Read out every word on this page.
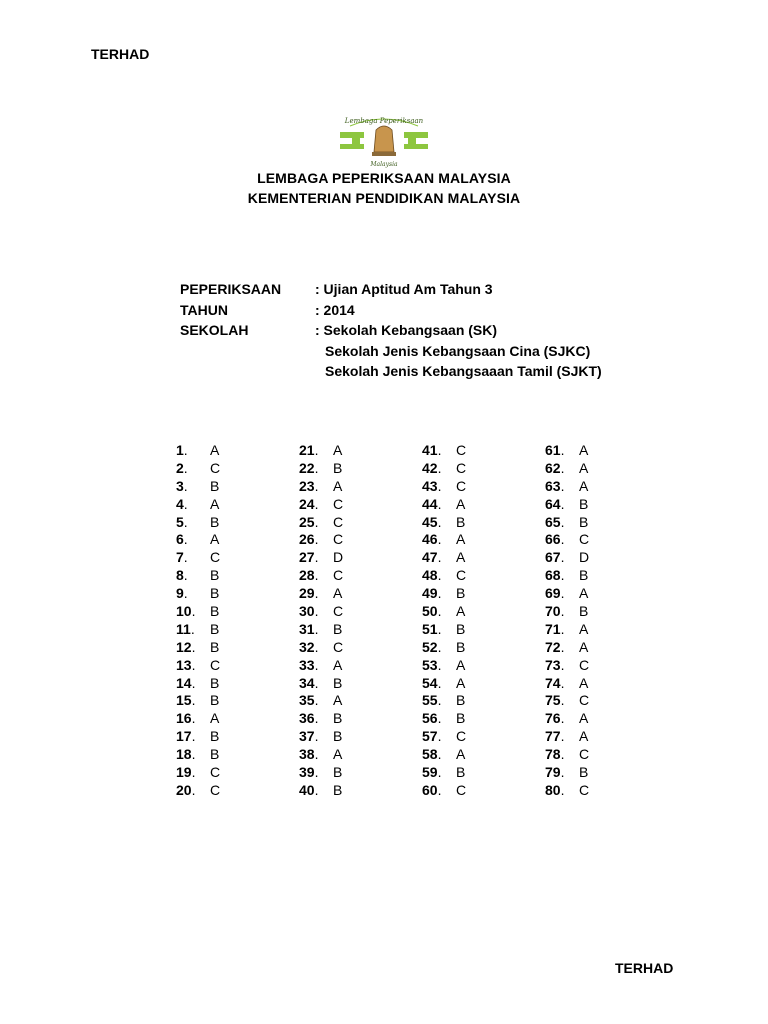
TERHAD
Lembaga Peperiksaan
Malaysia
LEMBAGA PEPERIKSAAN MALAYSIA
KEMENTERIAN PENDIDIKAN MALAYSIA
PEPERIKSAAN
TAHUN
SEKOLAH
: Ujian Aptitud Am Tahun 3
: 2014
: Sekolah Kebangsaan (SK)
Sekolah Jenis Kebangsaan Cina (SJKC)
Sekolah Jenis Kebangsaaan Tamil (SJKT)
1. A
2. C
3. B
4. A
5. B
6. A
7. C
8. B
9. B
10. B
11. B
12. B
13. C
14. B
15. B
16. A
17. B
18. B
19. C
20. C
21. A
22. B
23. A
24. C
25. C
26. C
27. D
28. C
29. A
30. C
31. B
32. C
33. A
34. B
35. A
36. B
37. B
38. A
39. B
40. B
41. C
42. C
43. C
44. A
45. B
46. A
47. A
48. C
49. B
50. A
51. B
52. B
53. A
54. A
55. B
56. B
57. C
58. A
59. B
60. C
61. A
62. A
63. A
64. B
65. B
66. C
67. D
68. B
69. A
70. B
71. A
72. A
73. C
74. A
75. C
76. A
77. A
78. C
79. B
80. C
TERHAD
